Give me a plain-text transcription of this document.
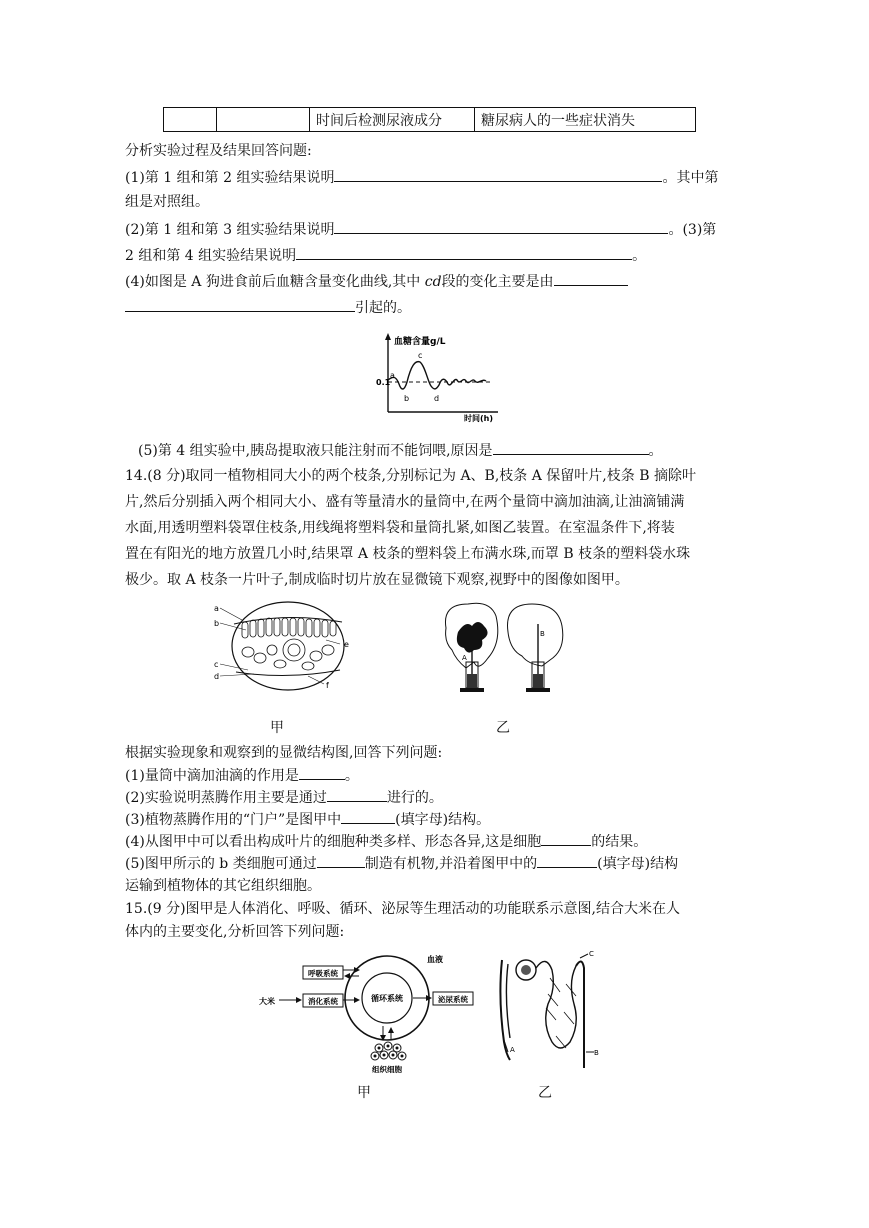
		时间后检测尿液成分	糖尿病人的一些症状消失
分析实验过程及结果回答问题:
(1)第 1 组和第 2 组实验结果说明	。其中第
组是对照组。
(2)第 1 组和第 3 组实验结果说明	。(3)第
2 组和第 4 组实验结果说明	。
(4)如图是 A 狗进食前后血糖含量变化曲线,其中 cd段的变化主要是由
引起的。
血糖含量g/L
时间(h)
0.1
a
b
c
d
(5)第 4 组实验中,胰岛提取液只能注射而不能饲喂,原因是	。
14.(8 分)取同一植物相同大小的两个枝条,分别标记为 A、B,枝条 A 保留叶片,枝条 B 摘除叶
片,然后分别插入两个相同大小、盛有等量清水的量筒中,在两个量筒中滴加油滴,让油滴铺满
水面,用透明塑料袋罩住枝条,用线绳将塑料袋和量筒扎紧,如图乙装置。在室温条件下,将装
置在有阳光的地方放置几小时,结果罩 A 枝条的塑料袋上布满水珠,而罩 B 枝条的塑料袋水珠
极少。取 A 枝条一片叶子,制成临时切片放在显微镜下观察,视野中的图像如图甲。
a
b
c
d
e
f
A
B
甲	乙
根据实验现象和观察到的显微结构图,回答下列问题:
(1)量筒中滴加油滴的作用是	。
(2)实验说明蒸腾作用主要是通过	进行的。
(3)植物蒸腾作用的“门户”是图甲中	(填字母)结构。
(4)从图甲中可以看出构成叶片的细胞种类多样、形态各异,这是细胞	的结果。
(5)图甲所示的 b 类细胞可通过	制造有机物,并沿着图甲中的	(填字母)结构
运输到植物体的其它组织细胞。
15.(9 分)图甲是人体消化、呼吸、循环、泌尿等生理活动的功能联系示意图,结合大米在人
体内的主要变化,分析回答下列问题:
循环系统
血液
呼吸系统
消化系统	泌尿系统
大米
组织细胞
A	B
C
甲	乙
